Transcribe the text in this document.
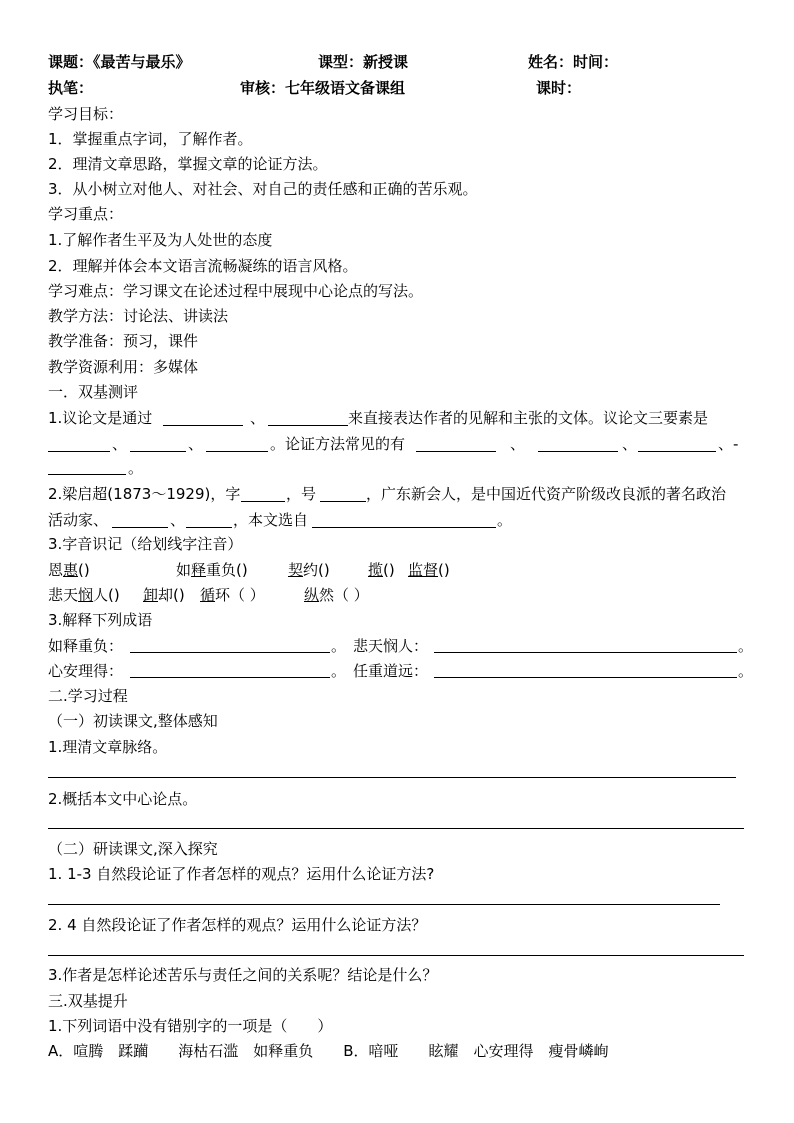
课题：《最苦与最乐》	课型：新授课	姓名：时间：
执笔：	审核：七年级语文备课组	课时：
学习目标：
1．掌握重点字词，了解作者。
2．理清文章思路，掌握文章的论证方法。
3．从小树立对他人、对社会、对自己的责任感和正确的苦乐观。
学习重点：
1.了解作者生平及为人处世的态度
2．理解并体会本文语言流畅凝练的语言风格。
学习难点：学习课文在论述过程中展现中心论点的写法。
教学方法：讨论法、讲读法
教学准备：预习，课件
教学资源利用：多媒体
一．双基测评
1.议论文是通过	、	来直接表达作者的见解和主张的文体。议论文三要素是
、	、	。论证方法常见的有	、	、	、-
。
2.梁启超(1873～1929)，字	，号	，广东新会人，是中国近代资产阶级改良派的著名政治
活动家、	、	，本文选自	。
3.字音识记（给划线字注音）
恩惠()	如释重负()	契约()	揽() 监督()
悲天悯人() 卸却() 循环（ ）	纵然（ ）
3.解释下列成语
如释重负：	。 悲天悯人：	。
心安理得：	。 任重道远：	。
二.学习过程
（一）初读课文,整体感知
1.理清文章脉络。
2.概括本文中心论点。
（二）研读课文,深入探究
1. 1-3 自然段论证了作者怎样的观点？运用什么论证方法?
2. 4 自然段论证了作者怎样的观点？运用什么论证方法？
3.作者是怎样论述苦乐与责任之间的关系呢？结论是什么？
三.双基提升
1.下列词语中没有错别字的一项是（　　）
A．喧腾　蹂躏　　海枯石滥　如释重负　　B．喑哑　　眩耀　心安理得　瘦骨嶙峋
